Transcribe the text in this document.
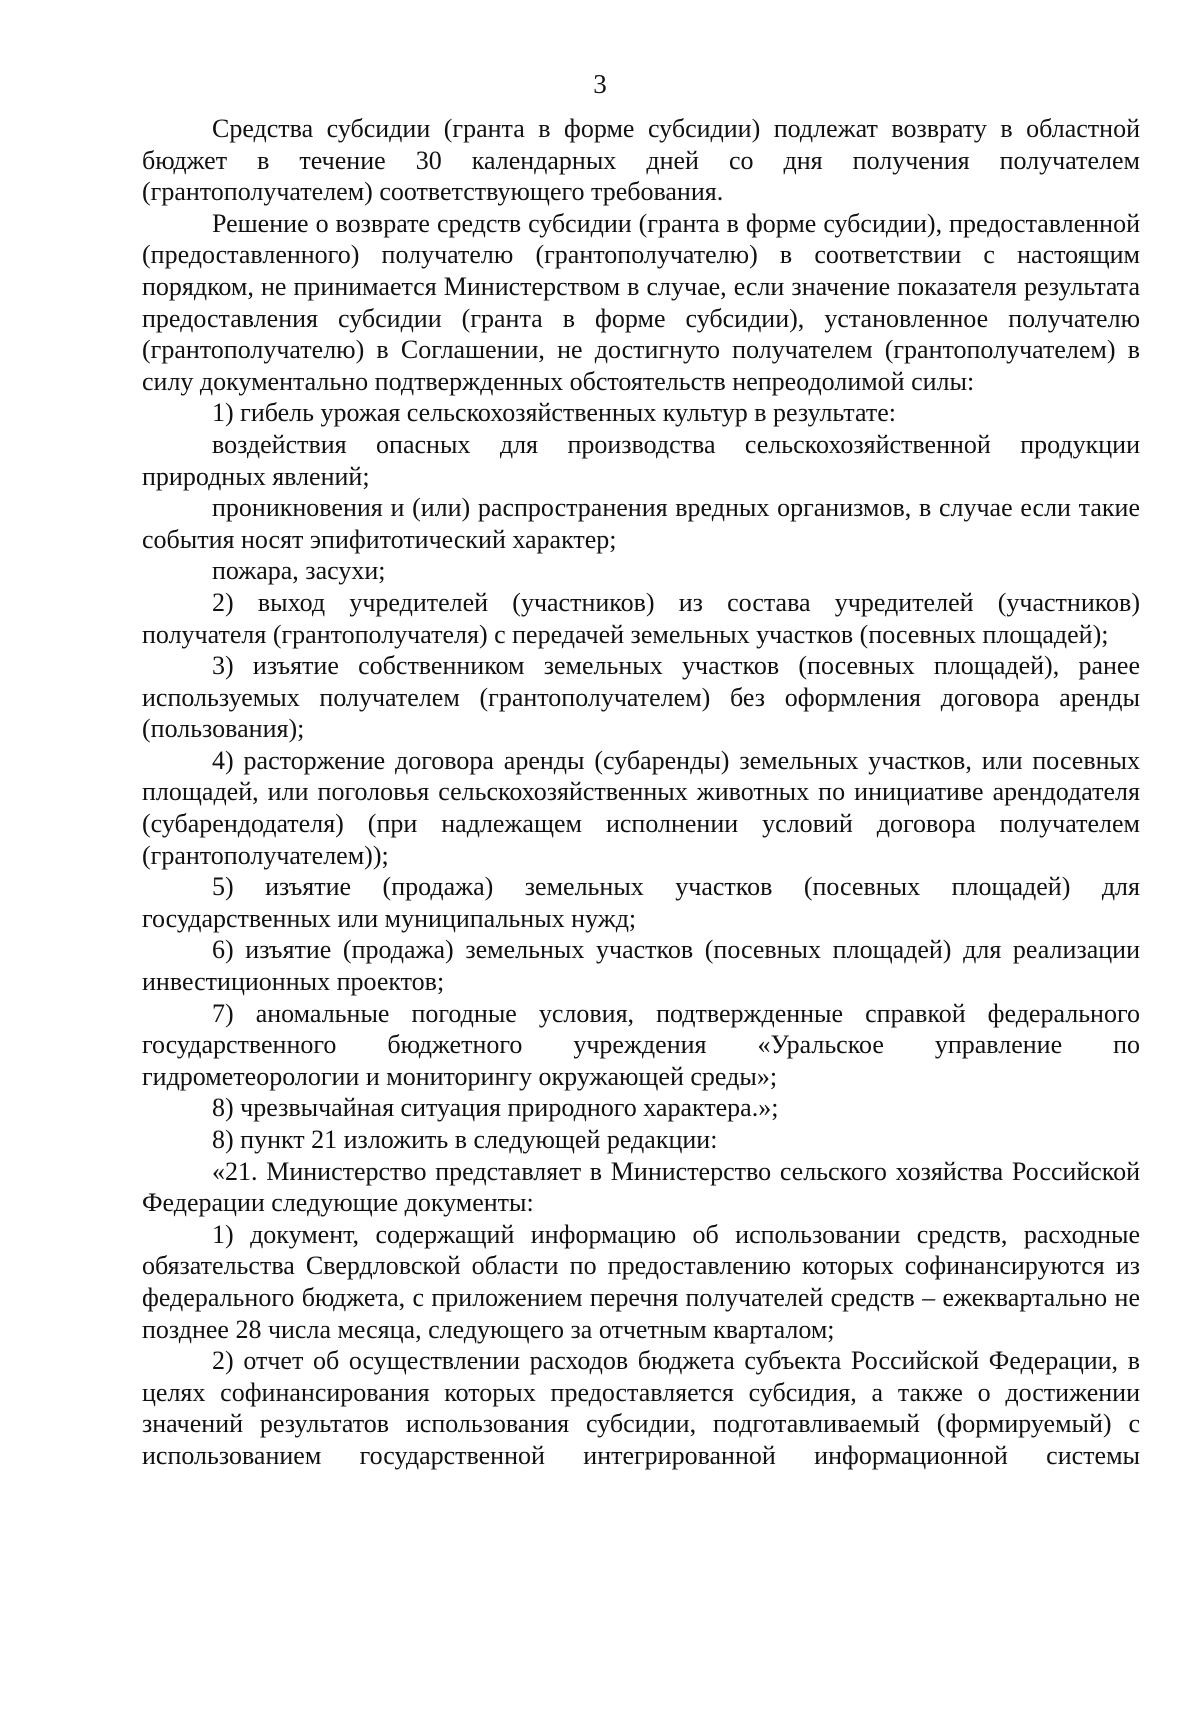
3

Средства субсидии (гранта в форме субсидии) подлежат возврату в областной бюджет в течение 30 календарных дней со дня получения получателем (грантополучателем) соответствующего требования.

Решение о возврате средств субсидии (гранта в форме субсидии), предоставленной (предоставленного) получателю (грантополучателю) в соответствии с настоящим порядком, не принимается Министерством в случае, если значение показателя результата предоставления субсидии (гранта в форме субсидии), установленное получателю (грантополучателю) в Соглашении, не достигнуто получателем (грантополучателем) в силу документально подтвержденных обстоятельств непреодолимой силы:

1) гибель урожая сельскохозяйственных культур в результате:

воздействия опасных для производства сельскохозяйственной продукции природных явлений;

проникновения и (или) распространения вредных организмов, в случае если такие события носят эпифитотический характер;

пожара, засухи;

2) выход учредителей (участников) из состава учредителей (участников) получателя (грантополучателя) с передачей земельных участков (посевных площадей);

3) изъятие собственником земельных участков (посевных площадей), ранее используемых получателем (грантополучателем) без оформления договора аренды (пользования);

4) расторжение договора аренды (субаренды) земельных участков, или посевных площадей, или поголовья сельскохозяйственных животных по инициативе арендодателя (субарендодателя) (при надлежащем исполнении условий договора получателем (грантополучателем));

5) изъятие (продажа) земельных участков (посевных площадей) для государственных или муниципальных нужд;

6) изъятие (продажа) земельных участков (посевных площадей) для реализации инвестиционных проектов;

7) аномальные погодные условия, подтвержденные справкой федерального государственного бюджетного учреждения «Уральское управление по гидрометеорологии и мониторингу окружающей среды»;

8) чрезвычайная ситуация природного характера.»;

8) пункт 21 изложить в следующей редакции:

«21. Министерство представляет в Министерство сельского хозяйства Российской Федерации следующие документы:

1) документ, содержащий информацию об использовании средств, расходные обязательства Свердловской области по предоставлению которых софинансируются из федерального бюджета, с приложением перечня получателей средств – ежеквартально не позднее 28 числа месяца, следующего за отчетным кварталом;

2) отчет об осуществлении расходов бюджета субъекта Российской Федерации, в целях софинансирования которых предоставляется субсидия, а также о достижении значений результатов использования субсидии, подготавливаемый (формируемый) с использованием государственной интегрированной информационной системы
